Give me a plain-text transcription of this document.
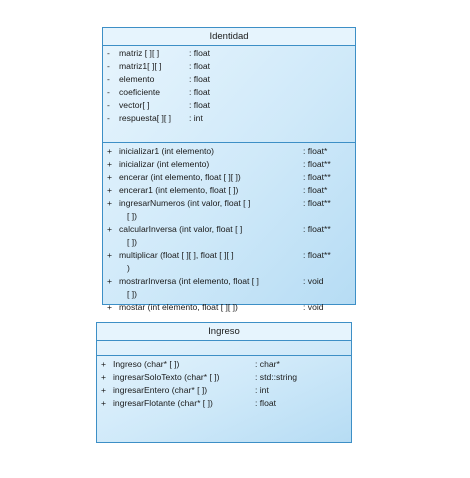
Identidad
- matriz [ ][ ]	: float
- matriz1[ ][ ]	: float
- elemento	: float
- coeficiente	: float
- vector[ ]	: float
- respuesta[ ][ ] : int
+ inicializar1 (int elemento)	: float*
+ inicializar (int elemento)	: float**
+ encerar (int elemento, float [ ][ ])	: float**
+ encerar1 (int elemento, float [ ])	: float*
+ ingresarNumeros (int valor, float [ ]	: float**
[ ])
+ calcularInversa (int valor, float [ ]	: float**
[ ])
+ multiplicar (float [ ][ ], float [ ][ ]	: float**
)
+ mostrarInversa (int elemento, float [ ]	: void
[ ])
+ mostar (int elemento, float [ ][ ])	: void
Ingreso
+ Ingreso (char* [ ])	: char*
+ ingresarSoloTexto (char* [ ])	: std::string
+ ingresarEntero (char* [ ])	: int
+ ingresarFlotante (char* [ ])	: float
